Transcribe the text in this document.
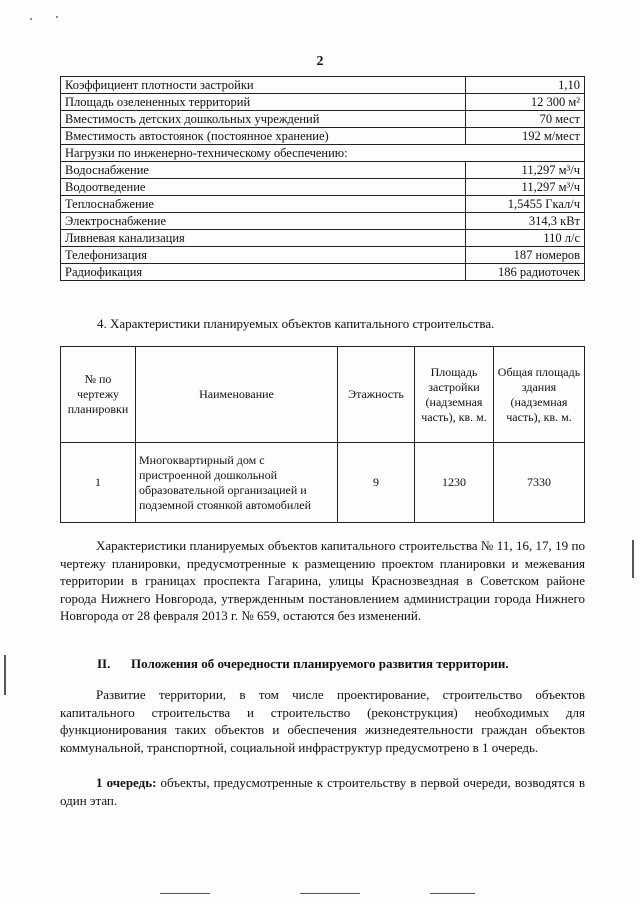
2
Коэффициент плотности застройки	1,10
Площадь озелененных территорий	12 300 м²
Вместимость детских дошкольных учреждений	70 мест
Вместимость автостоянок (постоянное хранение)	192 м/мест
Нагрузки по инженерно-техническому обеспечению:	
Водоснабжение	11,297 м³/ч
Водоотведение	11,297 м³/ч
Теплоснабжение	1,5455 Гкал/ч
Электроснабжение	314,3 кВт
Ливневая канализация	110 л/с
Телефонизация	187 номеров
Радиофикация	186 радиоточек
4. Характеристики планируемых объектов капитального строительства.
№ по чертежу планировки	Наименование	Этажность	Площадь застройки (надземная часть), кв. м.	Общая площадь здания (надземная часть), кв. м.
1	Многоквартирный дом с пристроенной дошкольной образовательной организацией и подземной стоянкой автомобилей	9	1230	7330

Характеристики планируемых объектов капитального строительства № 11, 16, 17, 19 по чертежу планировки, предусмотренные к размещению проектом планировки и межевания территории в границах проспекта Гагарина, улицы Краснозвездная в Советском районе города Нижнего Новгорода, утвержденным постановлением администрации города Нижнего Новгорода от 28 февраля 2013 г. № 659, остаются без изменений.

II. Положения об очередности планируемого развития территории.

Развитие территории, в том числе проектирование, строительство объектов капитального строительства и строительство (реконструкция) необходимых для функционирования таких объектов и обеспечения жизнедеятельности граждан объектов коммунальной, транспортной, социальной инфраструктур предусмотрено в 1 очередь.

1 очередь: объекты, предусмотренные к строительству в первой очереди, возводятся в один этап.
